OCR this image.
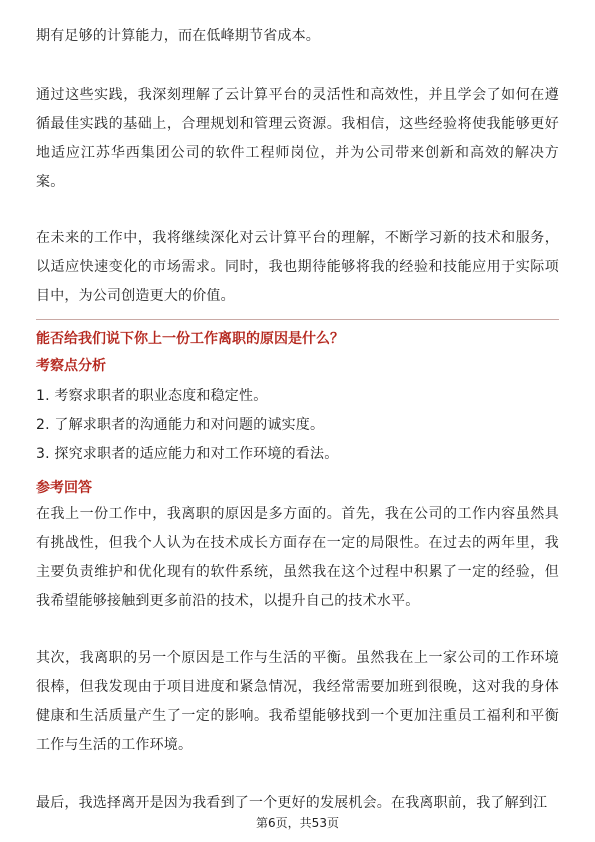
期有足够的计算能力，而在低峰期节省成本。

通过这些实践，我深刻理解了云计算平台的灵活性和高效性，并且学会了如何在遵循最佳实践的基础上，合理规划和管理云资源。我相信，这些经验将使我能够更好地适应江苏华西集团公司的软件工程师岗位，并为公司带来创新和高效的解决方案。

在未来的工作中，我将继续深化对云计算平台的理解，不断学习新的技术和服务，以适应快速变化的市场需求。同时，我也期待能够将我的经验和技能应用于实际项目中，为公司创造更大的价值。

能否给我们说下你上一份工作离职的原因是什么？

考察点分析

1. 考察求职者的职业态度和稳定性。
2. 了解求职者的沟通能力和对问题的诚实度。
3. 探究求职者的适应能力和对工作环境的看法。

参考回答

在我上一份工作中，我离职的原因是多方面的。首先，我在公司的工作内容虽然具有挑战性，但我个人认为在技术成长方面存在一定的局限性。在过去的两年里，我主要负责维护和优化现有的软件系统，虽然我在这个过程中积累了一定的经验，但我希望能够接触到更多前沿的技术，以提升自己的技术水平。

其次，我离职的另一个原因是工作与生活的平衡。虽然我在上一家公司的工作环境很棒，但我发现由于项目进度和紧急情况，我经常需要加班到很晚，这对我的身体健康和生活质量产生了一定的影响。我希望能够找到一个更加注重员工福利和平衡工作与生活的工作环境。

最后，我选择离开是因为我看到了一个更好的发展机会。在我离职前，我了解到江

第6页，共53页
